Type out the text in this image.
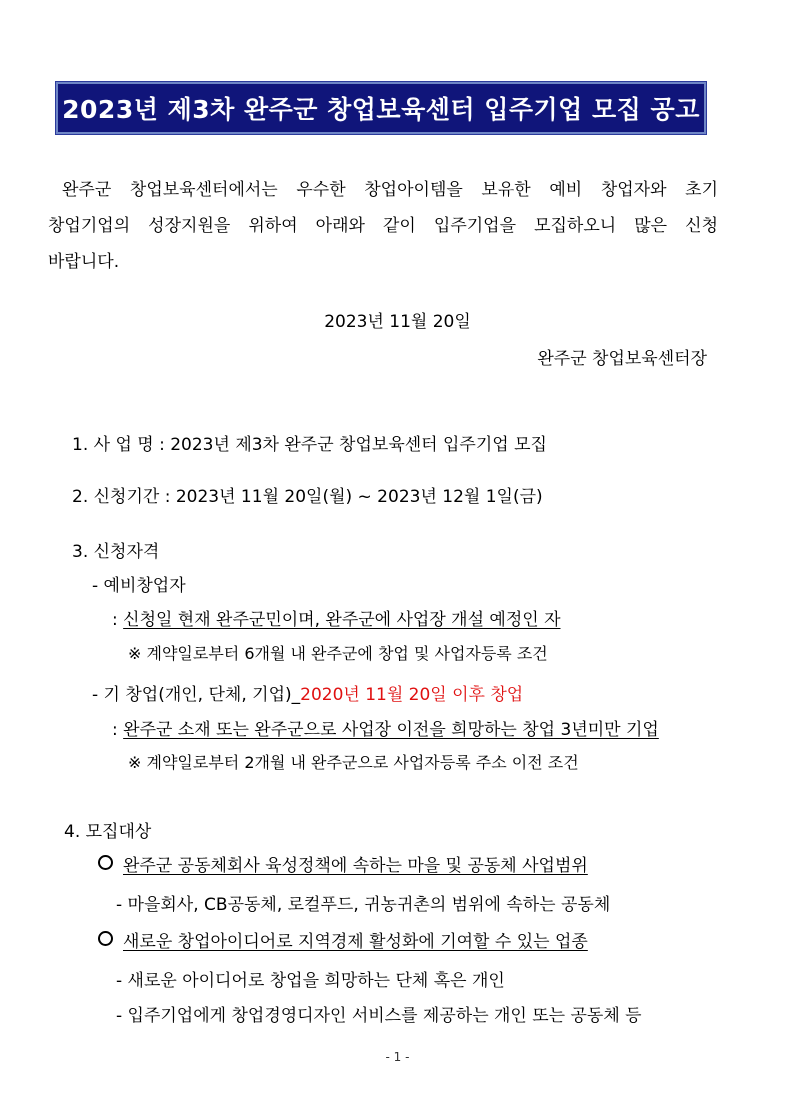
2023년 제3차 완주군 창업보육센터 입주기업 모집 공고

완주군 창업보육센터에서는 우수한 창업아이템을 보유한 예비 창업자와 초기

창업기업의 성장지원을 위하여 아래와 같이 입주기업을 모집하오니 많은 신청

바랍니다.

2023년 11월 20일
완주군 창업보육센터장
1. 사 업 명 : 2023년 제3차 완주군 창업보육센터 입주기업 모집
2. 신청기간 : 2023년 11월 20일(월) ~ 2023년 12월 1일(금)
3. 신청자격
- 예비창업자
: 신청일 현재 완주군민이며, 완주군에 사업장 개설 예정인 자
※ 계약일로부터 6개월 내 완주군에 창업 및 사업자등록 조건
- 기 창업(개인, 단체, 기업)_2020년 11월 20일 이후 창업
: 완주군 소재 또는 완주군으로 사업장 이전을 희망하는 창업 3년미만 기업
※ 계약일로부터 2개월 내 완주군으로 사업자등록 주소 이전 조건
4. 모집대상
완주군 공동체회사 육성정책에 속하는 마을 및 공동체 사업범위
- 마을회사, CB공동체, 로컬푸드, 귀농귀촌의 범위에 속하는 공동체
새로운 창업아이디어로 지역경제 활성화에 기여할 수 있는 업종
- 새로운 아이디어로 창업을 희망하는 단체 혹은 개인
- 입주기업에게 창업경영디자인 서비스를 제공하는 개인 또는 공동체 등
- 1 -
